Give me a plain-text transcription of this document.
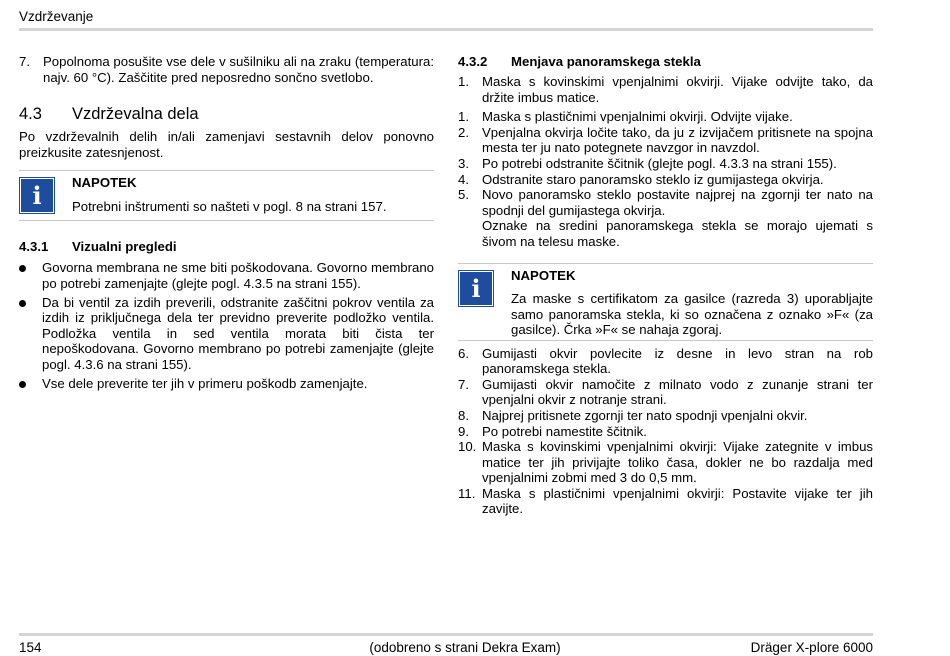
Vzdrževanje
7. Popolnoma posušite vse dele v sušilniku ali na zraku (temperatura: najv. 60 °C). Zaščitite pred neposredno sončno svetlobo.
4.3 Vzdrževalna dela
Po vzdrževalnih delih in/ali zamenjavi sestavnih delov ponovno preizkusite zatesnjenost.
i	NAPOTEK
Potrebni inštrumenti so našteti v pogl. 8 na strani 157.
4.3.1 Vizualni pregledi
Govorna membrana ne sme biti poškodovana. Govorno membrano po potrebi zamenjajte (glejte pogl. 4.3.5 na strani 155).
Da bi ventil za izdih preverili, odstranite zaščitni pokrov ventila za izdih iz priključnega dela ter previdno preverite podložko ventila. Podložka ventila in sed ventila morata biti čista ter nepoškodovana. Govorno membrano po potrebi zamenjajte (glejte pogl. 4.3.6 na strani 155).
Vse dele preverite ter jih v primeru poškodb zamenjajte.
4.3.2 Menjava panoramskega stekla
1. Maska s kovinskimi vpenjalnimi okvirji. Vijake odvijte tako, da držite imbus matice.
1. Maska s plastičnimi vpenjalnimi okvirji. Odvijte vijake.
2. Vpenjalna okvirja ločite tako, da ju z izvijačem pritisnete na spojna mesta ter ju nato potegnete navzgor in navzdol.
3. Po potrebi odstranite ščitnik (glejte pogl. 4.3.3 na strani 155).
4. Odstranite staro panoramsko steklo iz gumijastega okvirja.
5. Novo panoramsko steklo postavite najprej na zgornji ter nato na spodnji del gumijastega okvirja.
Oznake na sredini panoramskega stekla se morajo ujemati s šivom na telesu maske.
i	NAPOTEK
Za maske s certifikatom za gasilce (razreda 3) uporabljajte samo panoramska stekla, ki so označena z oznako »F« (za gasilce). Črka »F« se nahaja zgoraj.
6. Gumijasti okvir povlecite iz desne in levo stran na rob panoramskega stekla.
7. Gumijasti okvir namočite z milnato vodo z zunanje strani ter vpenjalni okvir z notranje strani.
8. Najprej pritisnete zgornji ter nato spodnji vpenjalni okvir.
9. Po potrebi namestite ščitnik.
10. Maska s kovinskimi vpenjalnimi okvirji: Vijake zategnite v imbus matice ter jih privijajte toliko časa, dokler ne bo razdalja med vpenjalnimi zobmi med 3 do 0,5 mm.
11. Maska s plastičnimi vpenjalnimi okvirji: Postavite vijake ter jih zavijte.
154	(odobreno s strani Dekra Exam)	Dräger X-plore 6000
